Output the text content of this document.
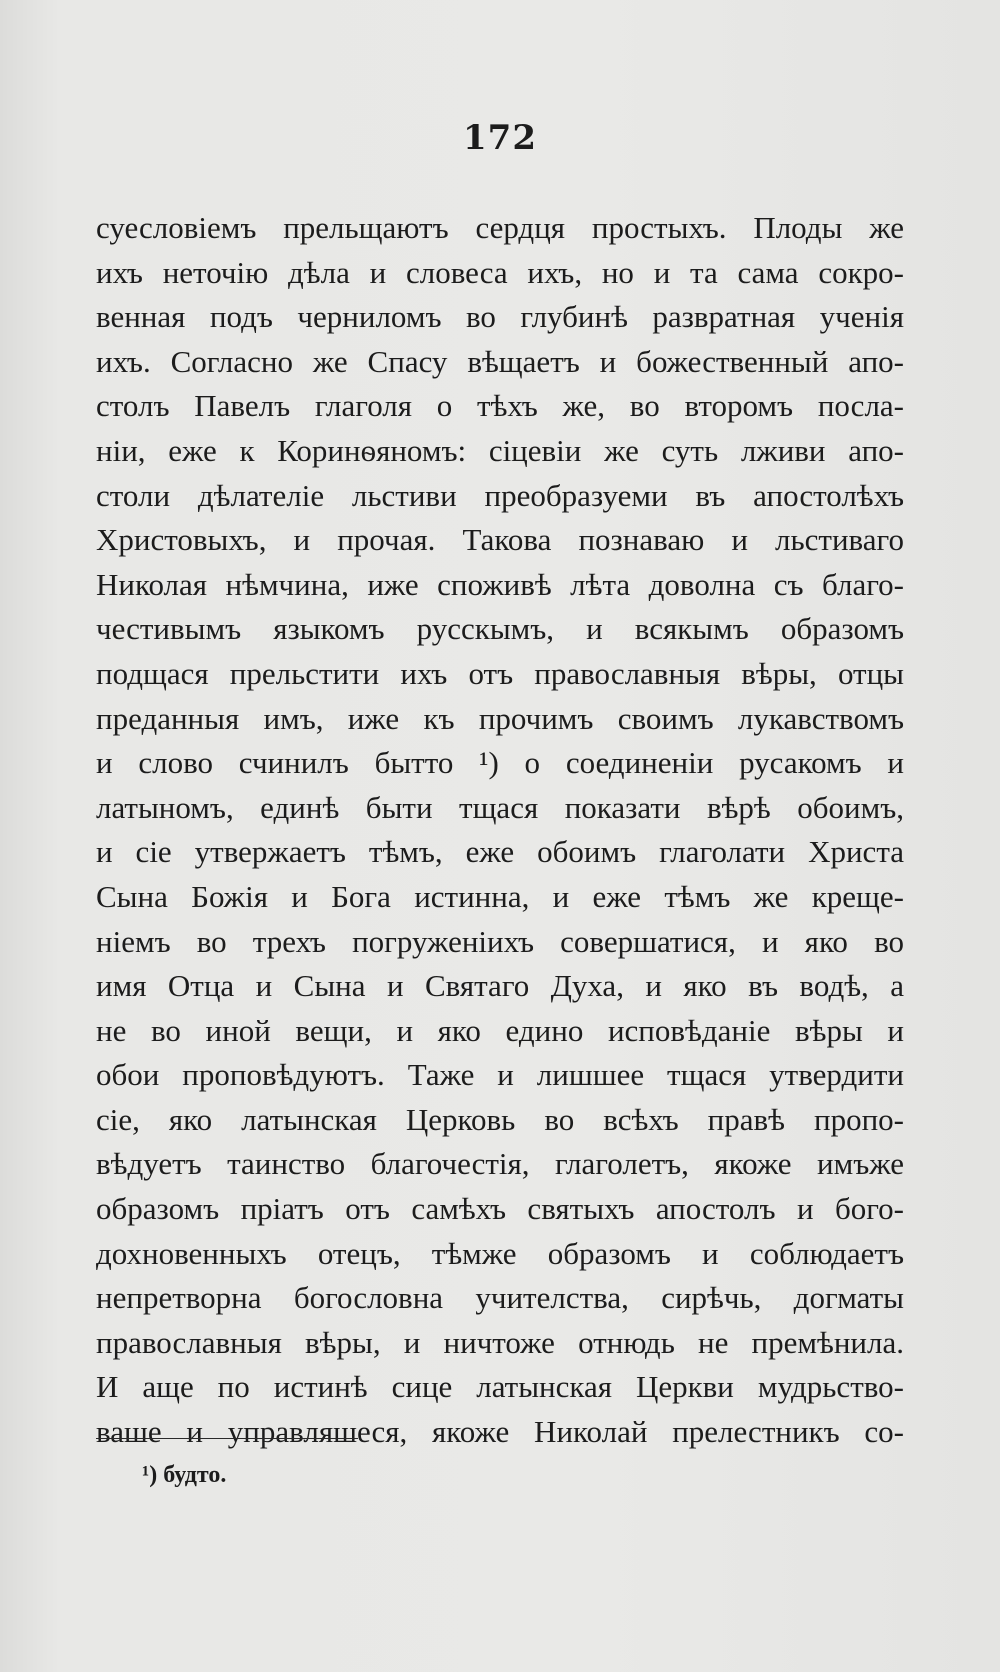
172
суесловіемъ прельщаютъ сердця простыхъ. Плоды же
ихъ неточію дѣла и словеса ихъ, но и та сама сокро-
венная подъ черниломъ во глубинѣ развратная ученія
ихъ. Согласно же Спасу вѣщаетъ и божественный апо-
столъ Павелъ глаголя о тѣхъ же, во второмъ посла-
ніи, еже к Коринѳяномъ: сіцевіи же суть лживи апо-
столи дѣлателіе льстиви преобразуеми въ апостолѣхъ
Христовыхъ, и прочая. Такова познаваю и льстиваго
Николая нѣмчина, иже споживѣ лѣта доволна съ благо-
честивымъ языкомъ русскымъ, и всякымъ образомъ
подщася прельстити ихъ отъ православныя вѣры, отцы
преданныя имъ, иже къ прочимъ своимъ лукавствомъ
и слово счинилъ бытто ¹) о соединеніи русакомъ и
латыномъ, единѣ быти тщася показати вѣрѣ обоимъ,
и сіе утвержаетъ тѣмъ, еже обоимъ глаголати Христа
Сына Божія и Бога истинна, и еже тѣмъ же креще-
ніемъ во трехъ погруженіихъ совершатися, и яко во
имя Отца и Сына и Святаго Духа, и яко въ водѣ, а
не во иной вещи, и яко едино исповѣданіе вѣры и
обои проповѣдуютъ. Таже и лишшее тщася утвердити
сіе, яко латынская Церковь во всѣхъ правѣ пропо-
вѣдуетъ таинство благочестія, глаголетъ, якоже имъже
образомъ пріатъ отъ самѣхъ святыхъ апостолъ и бого-
дохновенныхъ отецъ, тѣмже образомъ и соблюдаетъ
непретворна богословна учителства, сирѣчь, догматы
православныя вѣры, и ничтоже отнюдь не премѣнила.
И аще по истинѣ сице латынская Церкви мудрьство-
ваше и управляшеся, якоже Николай прелестникъ со-
¹) будто.
